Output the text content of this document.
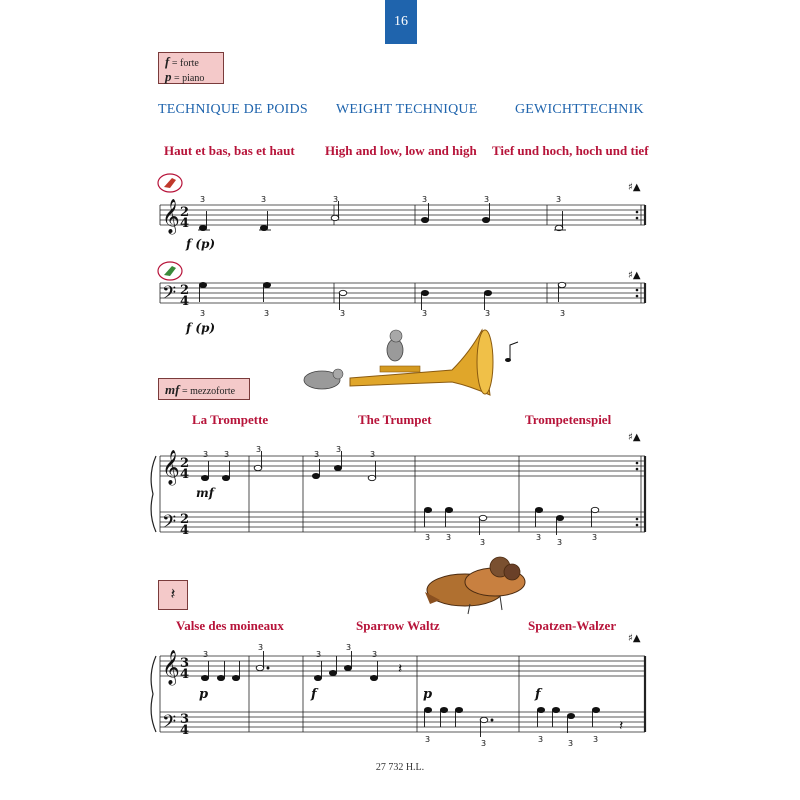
16
f = forte
p = piano
TECHNIQUE DE POIDS WEIGHT TECHNIQUE	GEWICHTTECHNIK
Haut et bas, bas et haut High and low, low and high Tief und hoch, hoch und tief
mf = mezzoforte
La Trompette	The Trumpet	Trompetenspiel
𝄽
Valse des moineaux	Sparrow Waltz	Spatzen-Walzer
27 732 H.L.
𝄞
𝄢
𝄞
𝄢
𝄞
𝄢
2
4
2
4
2
4
2
4
3
4
3
4
♯▲
♯▲
♯▲
♯▲
𝄽
𝄽
3	3	3	3	3	3
3	3	3	3	3	3
3 3
3
3
3
3
3 3
3
3
3
3
3
3
3
3
3
3	3	3	3 3
f (p)
f (p)
mf
p	f	p	f
